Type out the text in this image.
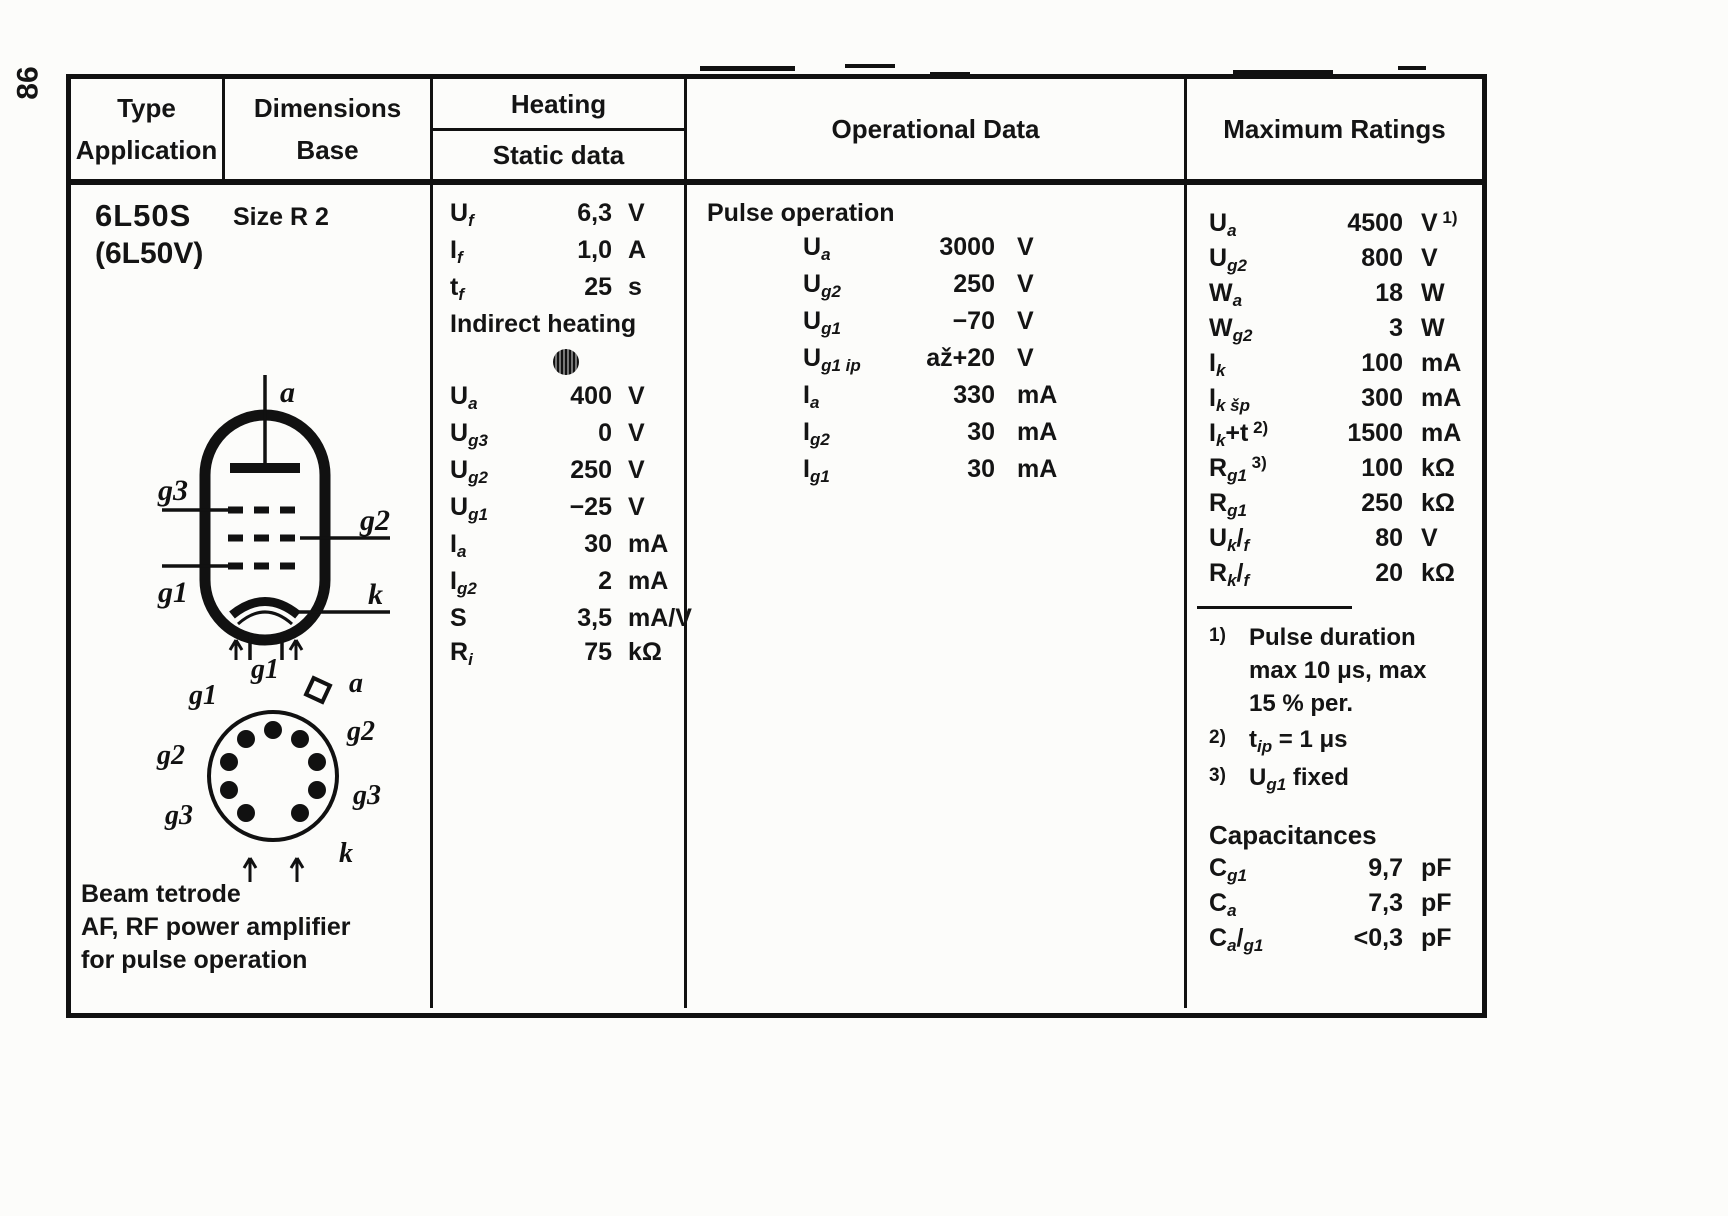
86
Type
Application
Dimensions
Base
Heating
Static data
Operational Data	Maximum Ratings
6L50S
(6L50V)
Size R 2
a
g3
g2
g1	k
a
g1
g1
g2
g2
g3
g3
k
Beam tetrode
AF, RF power amplifier
for pulse operation
$U_f$	6,3 V
$I_f$	1,0 A
$t_f$	25 s
Indirect heating
$U_a$	400 V
$U_{g3}$	0 V
$U_{g2}$	250 V
$U_{g1}$	−25 V
$I_a$	30 mA
$I_{g2}$	2 mA
S	3,5 mA/V
$R_i$	75 kΩ
Pulse operation
$U_a$	3000 V
$U_{g2}$	250 V
$U_{g1}$	−70 V
$U_{g1 ip}$	až+20 V
$I_a$	330 mA
$I_{g2}$	30 mA
$I_{g1}$	30 mA
$U_a$	4500 V 1)
$U_{g2}$	800 V
$W_a$	18 W
$W_{g2}$	3 W
$I_k$	100 mA
$I_{k šp}$	300 mA
$I_k+t$ $^{2)}$	1500 mA
$R_{g1}$ $^{3)}$	100 kΩ
$R_{g1}$	250 kΩ
$U_k/_f$	80 V
$R_k/_f$	20 kΩ
1) Pulse duration
max 10 μs, max
15 % per.
2) $t_{ip} = 1$ μs
3) $U_{g1}$ fixed
Capacitances
$C_{g1}$	9,7 pF
$C_a$	7,3 pF
$C_a/_{g1}$	<0,3 pF
